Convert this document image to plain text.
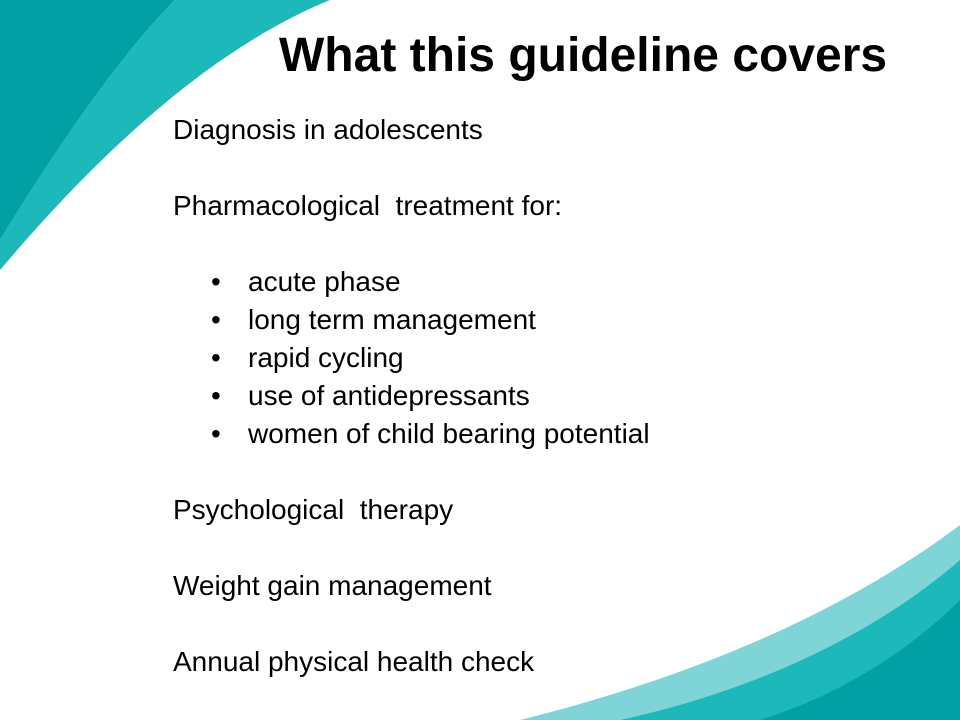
What this guideline covers

Diagnosis in adolescents

Pharmacological  treatment for:

• acute phase
• long term management
• rapid cycling
• use of antidepressants
• women of child bearing potential

Psychological  therapy

Weight gain management

Annual physical health check
